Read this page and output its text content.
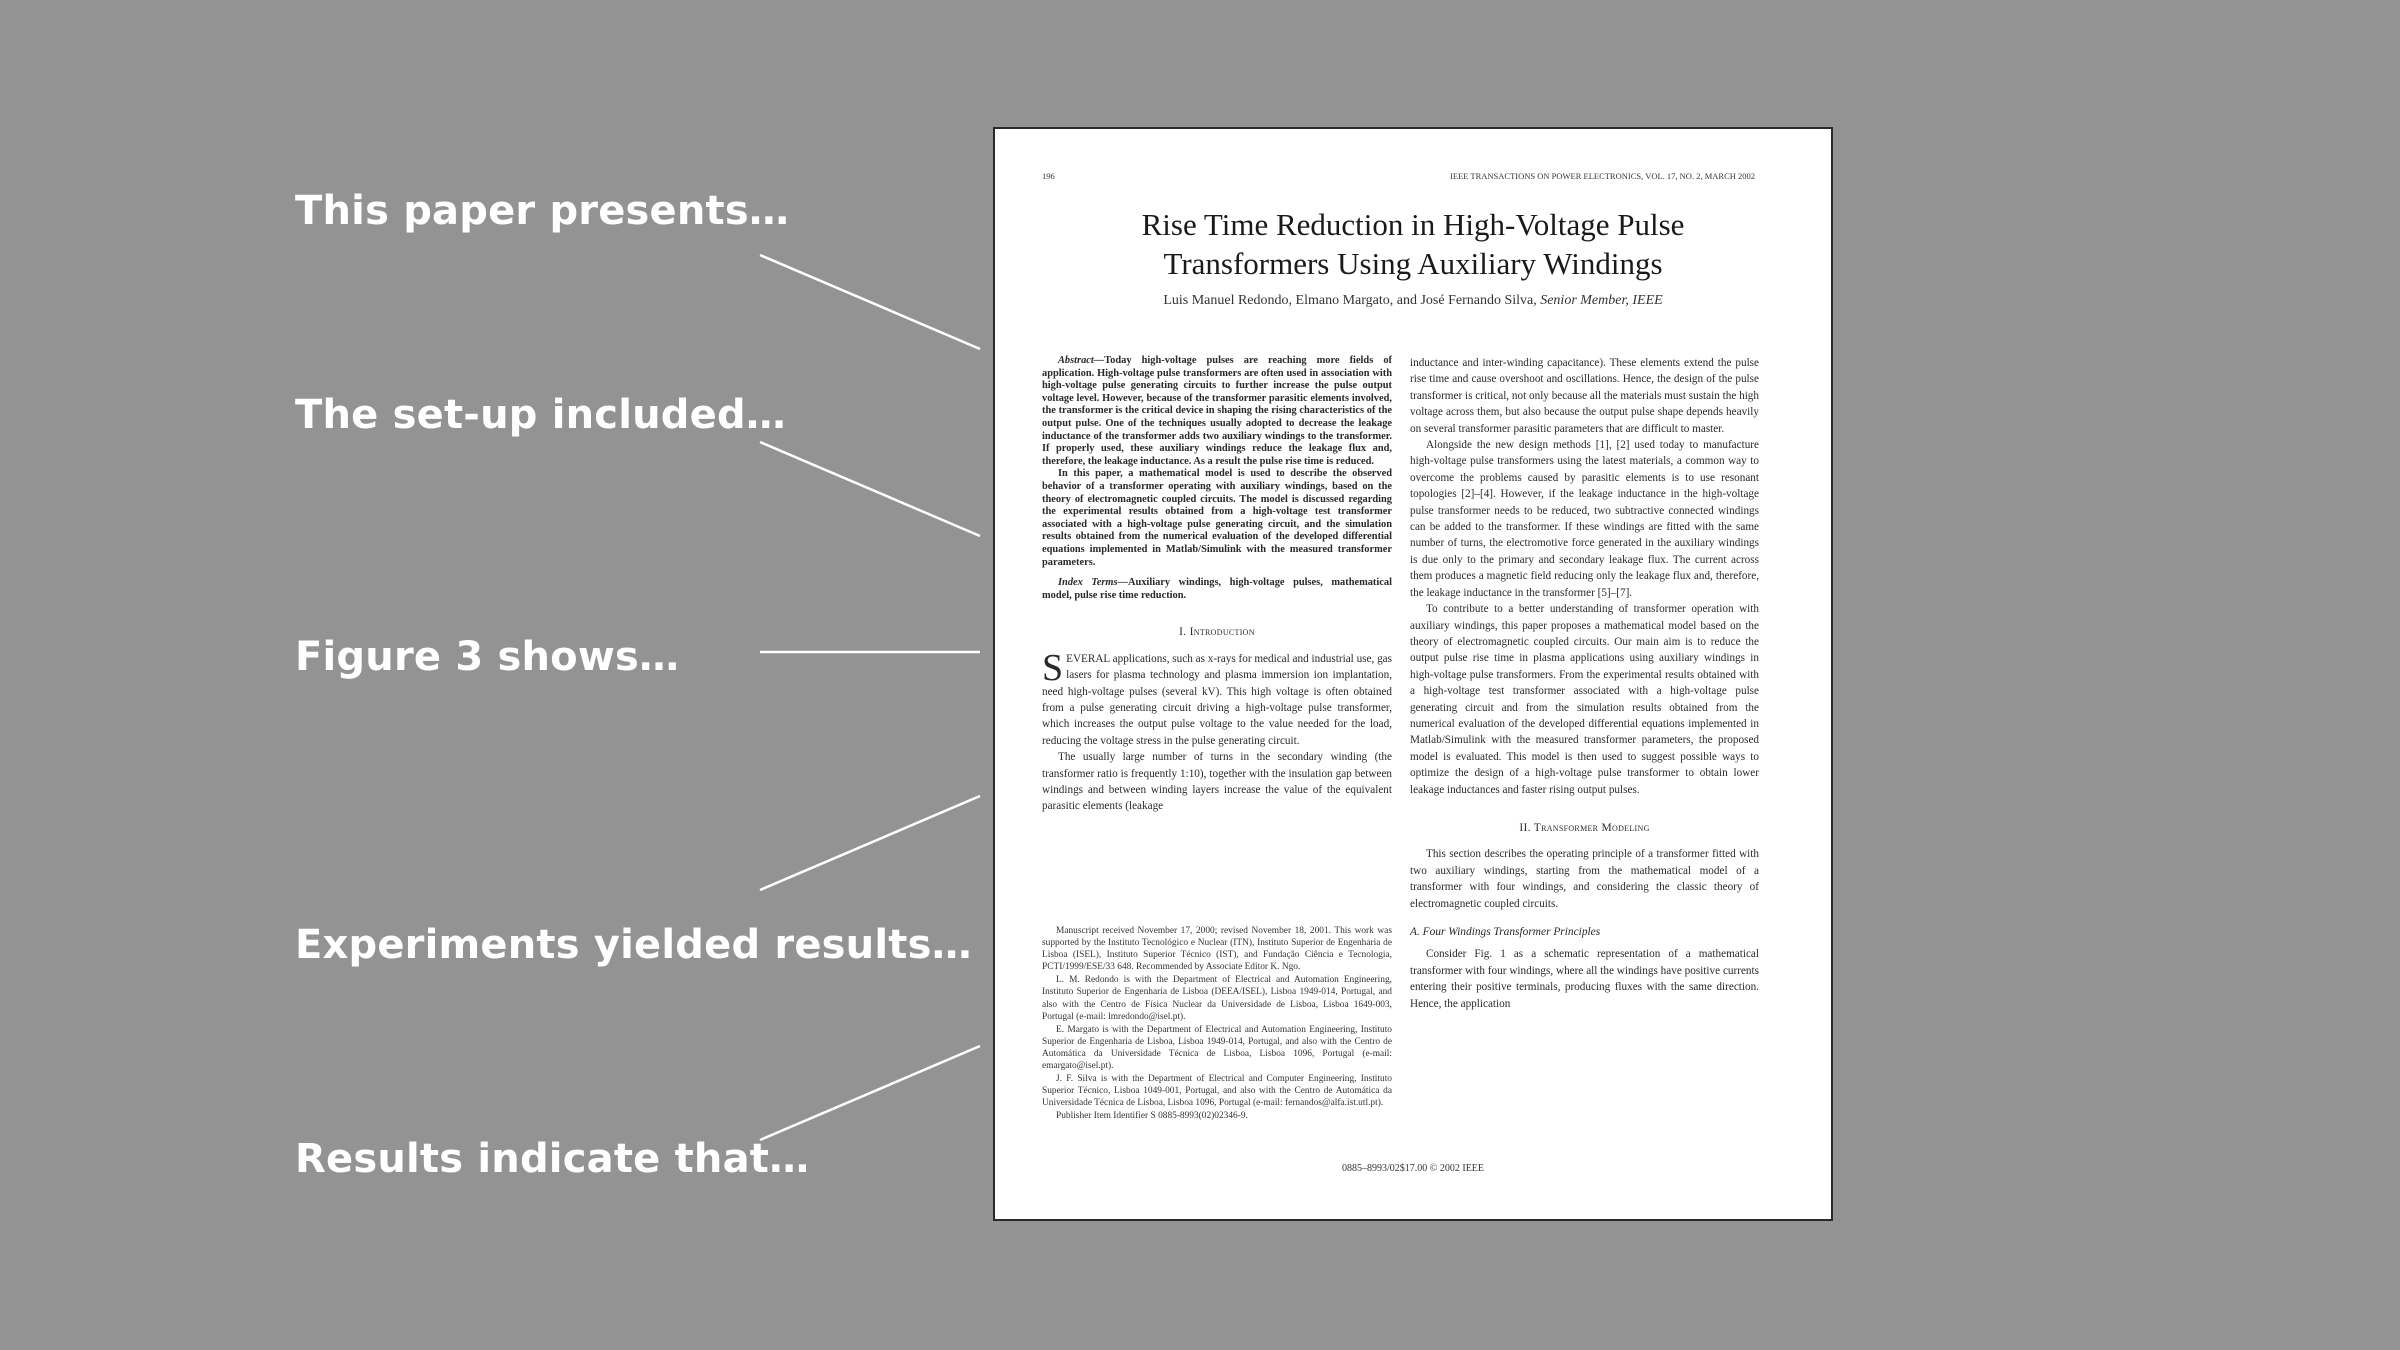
This paper presents…
The set-up included…
Figure 3 shows…
Experiments yielded results…
Results indicate that…
196	IEEE TRANSACTIONS ON POWER ELECTRONICS, VOL. 17, NO. 2, MARCH 2002
Rise Time Reduction in High-Voltage Pulse
Transformers Using Auxiliary Windings
Luis Manuel Redondo, Elmano Margato, and José Fernando Silva, Senior Member, IEEE

Abstract—Today high-voltage pulses are reaching more fields of application. High-voltage pulse transformers are often used in association with high-voltage pulse generating circuits to further increase the pulse output voltage level. However, because of the transformer parasitic elements involved, the transformer is the critical device in shaping the rising characteristics of the output pulse. One of the techniques usually adopted to decrease the leakage inductance of the transformer adds two auxiliary windings to the transformer. If properly used, these auxiliary windings reduce the leakage flux and, therefore, the leakage inductance. As a result the pulse rise time is reduced.

In this paper, a mathematical model is used to describe the observed behavior of a transformer operating with auxiliary windings, based on the theory of electromagnetic coupled circuits. The model is discussed regarding the experimental results obtained from a high-voltage test transformer associated with a high-voltage pulse generating circuit, and the simulation results obtained from the numerical evaluation of the developed differential equations implemented in Matlab/Simulink with the measured transformer parameters.

Index Terms—Auxiliary windings, high-voltage pulses, mathematical model, pulse rise time reduction.

I. Introduction

SEVERAL applications, such as x-rays for medical and industrial use, gas lasers for plasma technology and plasma immersion ion implantation, need high-voltage pulses (several kV). This high voltage is often obtained from a pulse generating circuit driving a high-voltage pulse transformer, which increases the output pulse voltage to the value needed for the load, reducing the voltage stress in the pulse generating circuit.

The usually large number of turns in the secondary winding (the transformer ratio is frequently 1:10), together with the insulation gap between windings and between winding layers increase the value of the equivalent parasitic elements (leakage

Manuscript received November 17, 2000; revised November 18, 2001. This work was supported by the Instituto Tecnológico e Nuclear (ITN), Instituto Superior de Engenharia de Lisboa (ISEL), Instituto Superior Técnico (IST), and Fundação Ciência e Tecnologia, PCTI/1999/ESE/33 648. Recommended by Associate Editor K. Ngo.

L. M. Redondo is with the Department of Electrical and Automation Engineering, Instituto Superior de Engenharia de Lisboa (DEEA/ISEL), Lisboa 1949-014, Portugal, and also with the Centro de Física Nuclear da Universidade de Lisboa, Lisboa 1649-003, Portugal (e-mail: lmredondo@isel.pt).

E. Margato is with the Department of Electrical and Automation Engineering, Instituto Superior de Engenharia de Lisboa, Lisboa 1949-014, Portugal, and also with the Centro de Automática da Universidade Técnica de Lisboa, Lisboa 1096, Portugal (e-mail: emargato@isel.pt).

J. F. Silva is with the Department of Electrical and Computer Engineering, Instituto Superior Técnico, Lisboa 1049-001, Portugal, and also with the Centro de Automática da Universidade Técnica de Lisboa, Lisboa 1096, Portugal (e-mail: fernandos@alfa.ist.utl.pt).

Publisher Item Identifier S 0885-8993(02)02346-9.

inductance and inter-winding capacitance). These elements extend the pulse rise time and cause overshoot and oscillations. Hence, the design of the pulse transformer is critical, not only because all the materials must sustain the high voltage across them, but also because the output pulse shape depends heavily on several transformer parasitic parameters that are difficult to master.

Alongside the new design methods [1], [2] used today to manufacture high-voltage pulse transformers using the latest materials, a common way to overcome the problems caused by parasitic elements is to use resonant topologies [2]–[4]. However, if the leakage inductance in the high-voltage pulse transformer needs to be reduced, two subtractive connected windings can be added to the transformer. If these windings are fitted with the same number of turns, the electromotive force generated in the auxiliary windings is due only to the primary and secondary leakage flux. The current across them produces a magnetic field reducing only the leakage flux and, therefore, the leakage inductance in the transformer [5]–[7].

To contribute to a better understanding of transformer operation with auxiliary windings, this paper proposes a mathematical model based on the theory of electromagnetic coupled circuits. Our main aim is to reduce the output pulse rise time in plasma applications using auxiliary windings in high-voltage pulse transformers. From the experimental results obtained with a high-voltage test transformer associated with a high-voltage pulse generating circuit and from the simulation results obtained from the numerical evaluation of the developed differential equations implemented in Matlab/Simulink with the measured transformer parameters, the proposed model is evaluated. This model is then used to suggest possible ways to optimize the design of a high-voltage pulse transformer to obtain lower leakage inductances and faster rising output pulses.

II. Transformer Modeling

This section describes the operating principle of a transformer fitted with two auxiliary windings, starting from the mathematical model of a transformer with four windings, and considering the classic theory of electromagnetic coupled circuits.

A. Four Windings Transformer Principles

Consider Fig. 1 as a schematic representation of a mathematical transformer with four windings, where all the windings have positive currents entering their positive terminals, producing fluxes with the same direction. Hence, the application

0885–8993/02$17.00 © 2002 IEEE
